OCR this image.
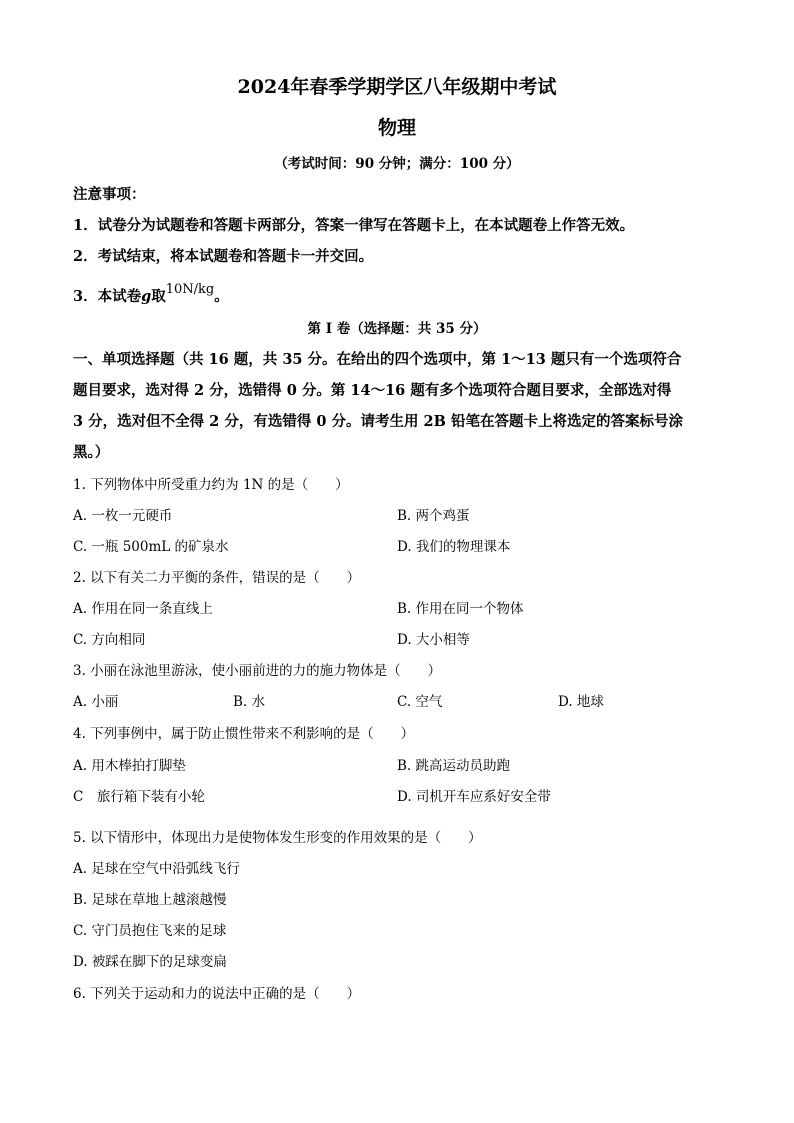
2024年春季学期学区八年级期中考试
物理
（考试时间：90 分钟；满分：100 分）
注意事项：
1．试卷分为试题卷和答题卡两部分，答案一律写在答题卡上，在本试题卷上作答无效。
2．考试结束，将本试题卷和答题卡一并交回。
3．本试卷g取10N/kg。
第 I 卷（选择题：共 35 分）
一、单项选择题（共 16 题，共 35 分。在给出的四个选项中，第 1～13 题只有一个选项符合
题目要求，选对得 2 分，选错得 0 分。第 14～16 题有多个选项符合题目要求，全部选对得
3 分，选对但不全得 2 分，有选错得 0 分。请考生用 2B 铅笔在答题卡上将选定的答案标号涂
黑。）
1. 下列物体中所受重力约为 1N 的是（　　）
A. 一枚一元硬币	B. 两个鸡蛋
C. 一瓶 500mL 的矿泉水	D. 我们的物理课本
2. 以下有关二力平衡的条件，错误的是（　　）
A. 作用在同一条直线上	B. 作用在同一个物体
C. 方向相同	D. 大小相等
3. 小丽在泳池里游泳，使小丽前进的力的施力物体是（　　）
A. 小丽	B. 水	C. 空气	D. 地球
4. 下列事例中，属于防止惯性带来不利影响的是（　　）
A. 用木棒拍打脚垫	B. 跳高运动员助跑
C　旅行箱下装有小轮	D. 司机开车应系好安全带
5. 以下情形中，体现出力是使物体发生形变的作用效果的是（　　）
A. 足球在空气中沿弧线飞行
B. 足球在草地上越滚越慢
C. 守门员抱住飞来的足球
D. 被踩在脚下的足球变扁
6. 下列关于运动和力的说法中正确的是（　　）
